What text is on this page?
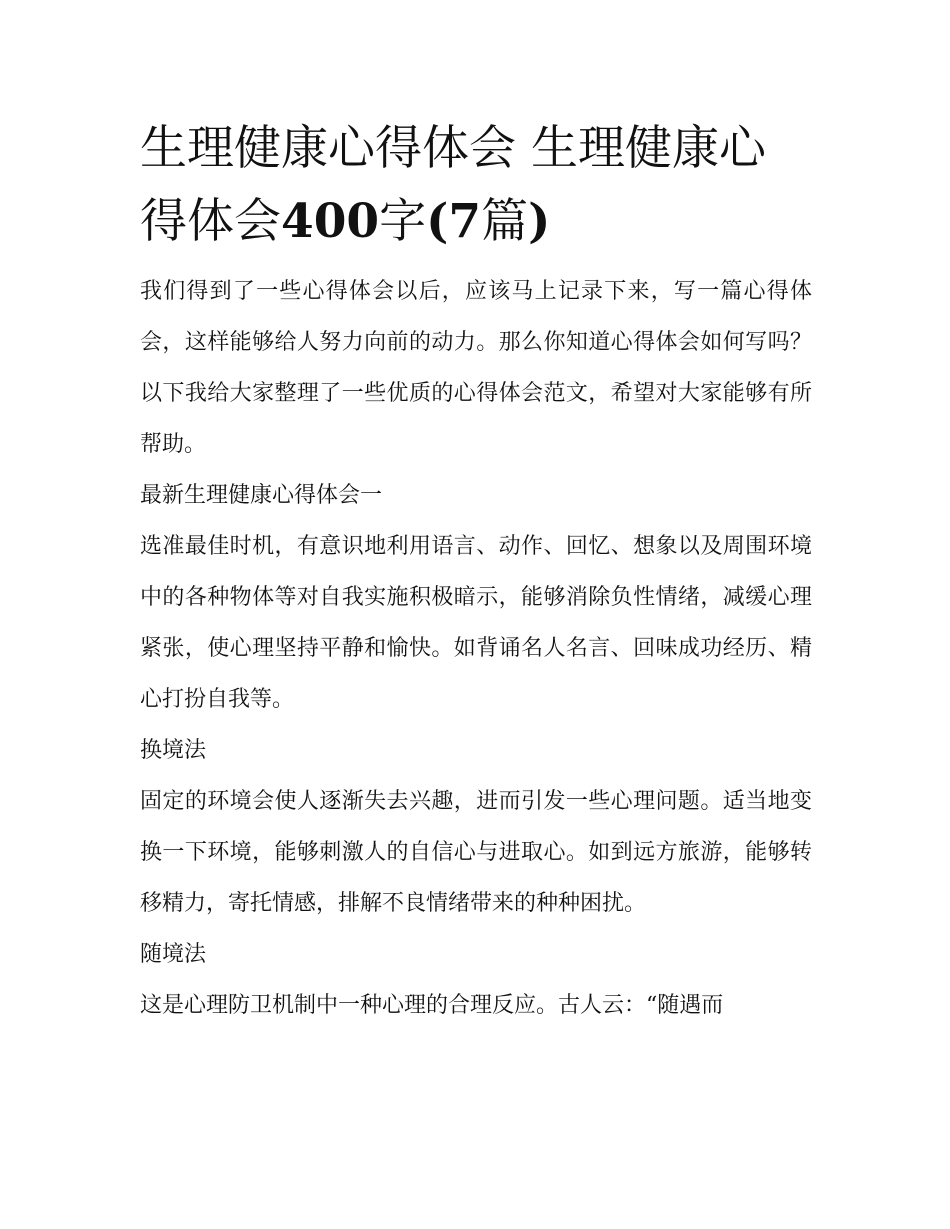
生理健康心得体会 生理健康心得体会400字(7篇)

我们得到了一些心得体会以后，应该马上记录下来，写一篇心得体会，这样能够给人努力向前的动力。那么你知道心得体会如何写吗？以下我给大家整理了一些优质的心得体会范文，希望对大家能够有所帮助。

最新生理健康心得体会一

选准最佳时机，有意识地利用语言、动作、回忆、想象以及周围环境中的各种物体等对自我实施积极暗示，能够消除负性情绪，减缓心理紧张，使心理坚持平静和愉快。如背诵名人名言、回味成功经历、精心打扮自我等。

换境法

固定的环境会使人逐渐失去兴趣，进而引发一些心理问题。适当地变换一下环境，能够刺激人的自信心与进取心。如到远方旅游，能够转移精力，寄托情感，排解不良情绪带来的种种困扰。

随境法

这是心理防卫机制中一种心理的合理反应。古人云：“随遇而
